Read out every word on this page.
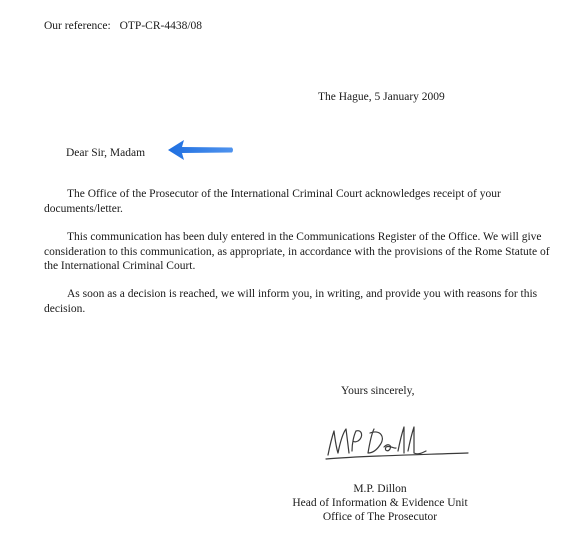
Our reference: OTP-CR-4438/08
The Hague, 5 January 2009
Dear Sir, Madam

The Office of the Prosecutor of the International Criminal Court acknowledges receipt of your documents/letter.

This communication has been duly entered in the Communications Register of the Office. We will give consideration to this communication, as appropriate, in accordance with the provisions of the Rome Statute of the International Criminal Court.

As soon as a decision is reached, we will inform you, in writing, and provide you with reasons for this decision.

Yours sincerely,
M.P. Dillon
Head of Information & Evidence Unit
Office of The Prosecutor
